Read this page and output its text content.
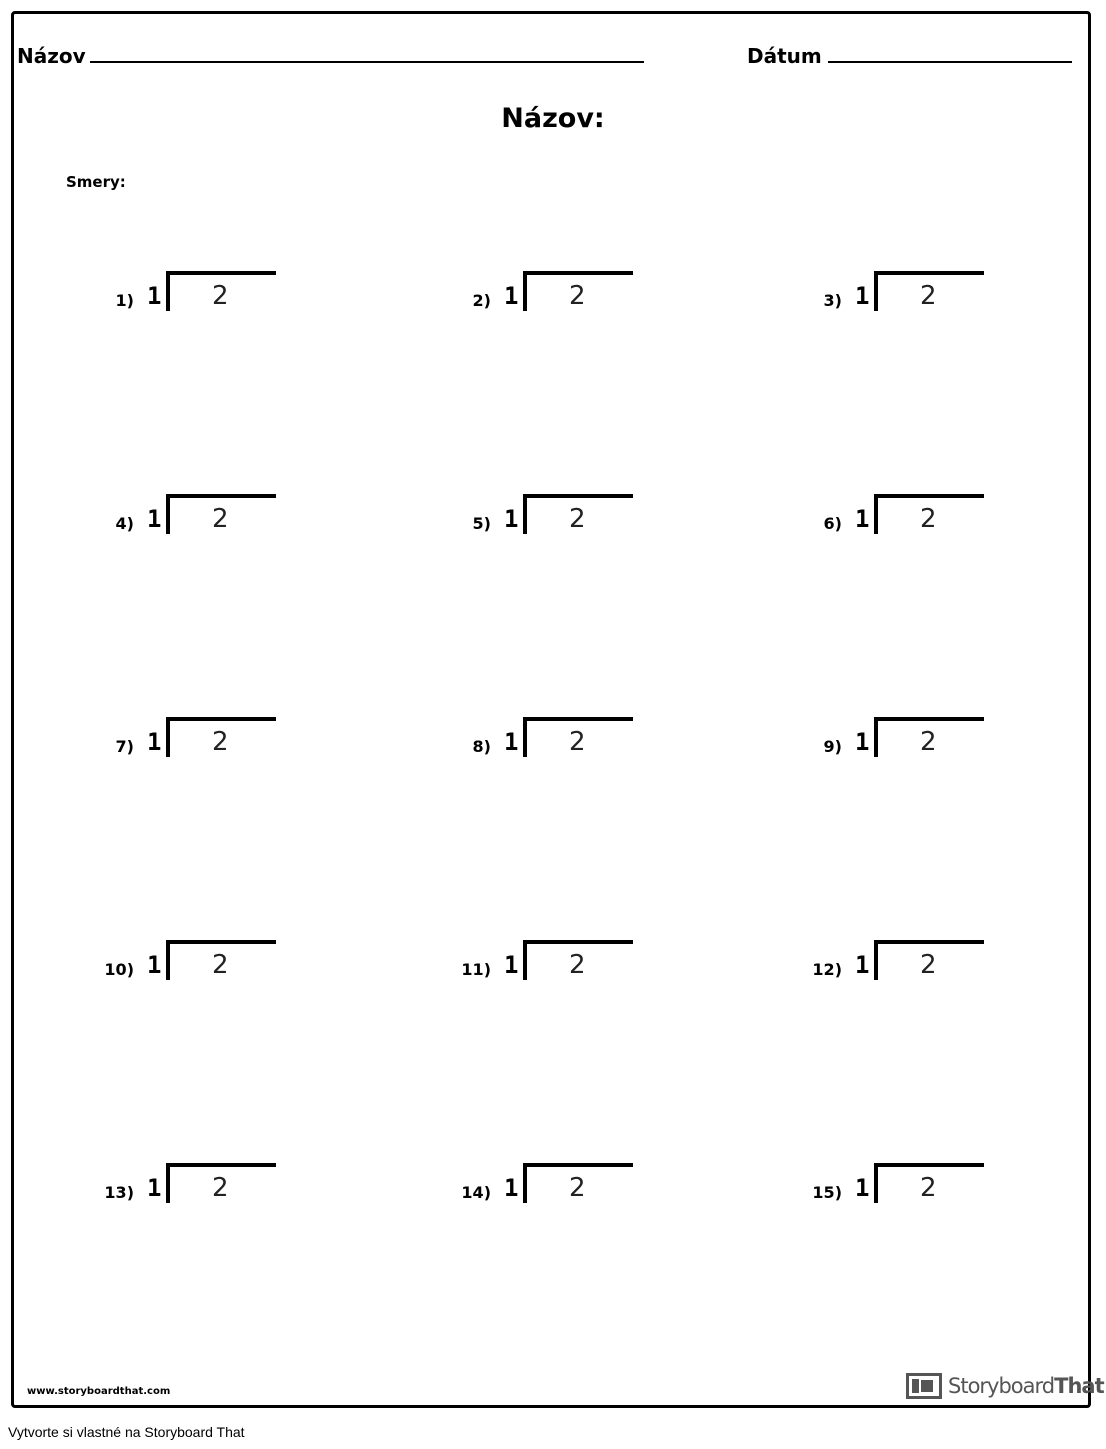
Názov	Dátum
Názov:
Smery:
1) 1 2	2) 1 2	3) 1 2
4) 1 2	5) 1 2	6) 1 2
7) 1 2	8) 1 2	9) 1 2
10) 1 2	11) 1 2	12) 1 2
13) 1 2	14) 1 2	15) 1 2
www.storyboardthat.com	StoryboardThat
Vytvorte si vlastné na Storyboard That
